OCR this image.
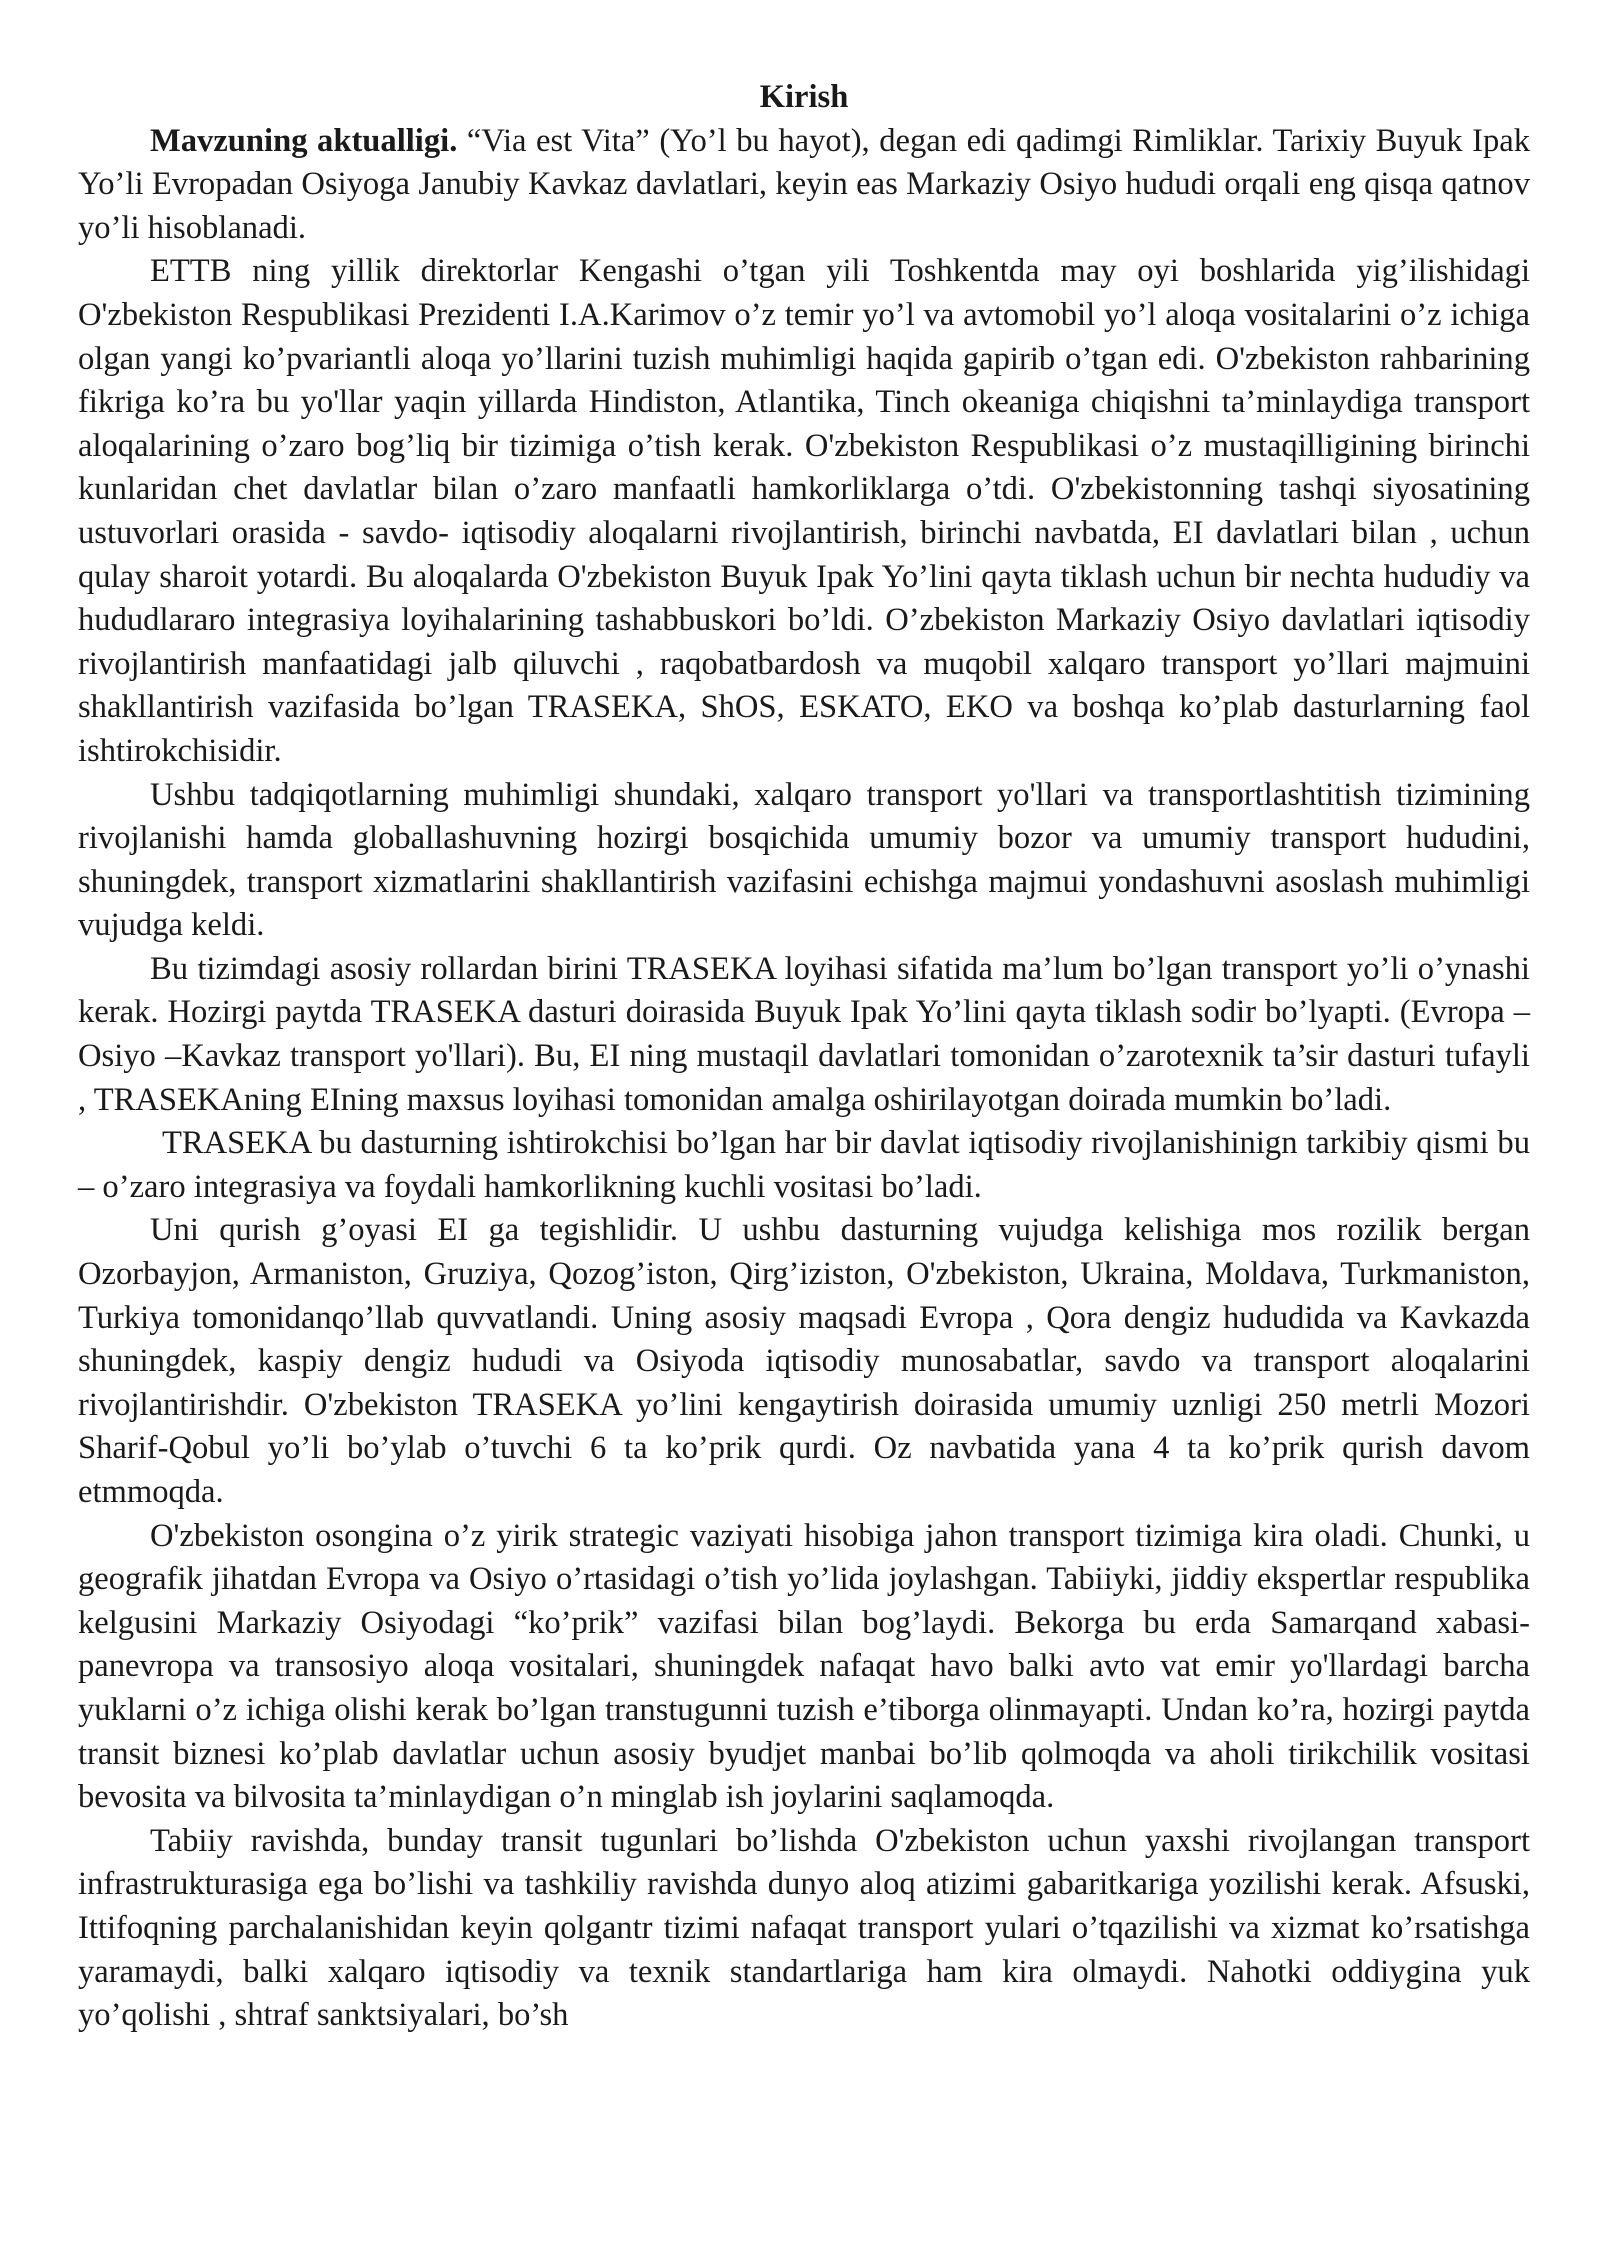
Kirish

Mavzuning aktualligi. “Via est Vita” (Yo’l bu hayot), degan edi qadimgi Rimliklar. Tarixiy Buyuk Ipak Yo’li Evropadan Osiyoga Janubiy Kavkaz davlatlari, keyin eas Markaziy Osiyo hududi orqali eng qisqa qatnov yo’li hisoblanadi.

ETTB ning yillik direktorlar Kengashi o’tgan yili Toshkentda may oyi boshlarida yig’ilishidagi O'zbekiston Respublikasi Prezidenti I.A.Karimov o’z temir yo’l va avtomobil yo’l aloqa vositalarini o’z ichiga olgan yangi ko’pvariantli aloqa yo’llarini tuzish muhimligi haqida gapirib o’tgan edi. O'zbekiston rahbarining fikriga ko’ra bu yo'llar yaqin yillarda Hindiston, Atlantika, Tinch okeaniga chiqishni ta’minlaydiga transport aloqalarining o’zaro bog’liq bir tizimiga o’tish kerak. O'zbekiston Respublikasi o’z mustaqilligining birinchi kunlaridan chet davlatlar bilan o’zaro manfaatli hamkorliklarga o’tdi. O'zbekistonning tashqi siyosatining ustuvorlari orasida - savdo- iqtisodiy aloqalarni rivojlantirish, birinchi navbatda, EI davlatlari bilan , uchun qulay sharoit yotardi. Bu aloqalarda O'zbekiston Buyuk Ipak Yo’lini qayta tiklash uchun bir nechta hududiy va hududlararo integrasiya loyihalarining tashabbuskori bo’ldi. O’zbekiston Markaziy Osiyo davlatlari iqtisodiy rivojlantirish manfaatidagi jalb qiluvchi , raqobatbardosh va muqobil xalqaro transport yo’llari majmuini shakllantirish vazifasida bo’lgan TRASEKA, ShOS, ESKATO, EKO va boshqa ko’plab dasturlarning faol ishtirokchisidir.

Ushbu tadqiqotlarning muhimligi shundaki, xalqaro transport yo'llari va transportlashtitish tizimining rivojlanishi hamda globallashuvning hozirgi bosqichida umumiy bozor va umumiy transport hududini, shuningdek, transport xizmatlarini shakllantirish vazifasini echishga majmui yondashuvni asoslash muhimligi vujudga keldi.

Bu tizimdagi asosiy rollardan birini TRASEKA loyihasi sifatida ma’lum bo’lgan transport yo’li o’ynashi kerak. Hozirgi paytda TRASEKA dasturi doirasida Buyuk Ipak Yo’lini qayta tiklash sodir bo’lyapti. (Evropa –Osiyo –Kavkaz transport yo'llari). Bu, EI ning mustaqil davlatlari tomonidan o’zarotexnik ta’sir dasturi tufayli , TRASEKAning EIning maxsus loyihasi tomonidan amalga oshirilayotgan doirada mumkin bo’ladi.

TRASEKA bu dasturning ishtirokchisi bo’lgan har bir davlat iqtisodiy rivojlanishinign tarkibiy qismi bu – o’zaro integrasiya va foydali hamkorlikning kuchli vositasi bo’ladi.

Uni qurish g’oyasi EI ga tegishlidir. U ushbu dasturning vujudga kelishiga mos rozilik bergan Ozorbayjon, Armaniston, Gruziya, Qozog’iston, Qirg’iziston, O'zbekiston, Ukraina, Moldava, Turkmaniston, Turkiya tomonidanqo’llab quvvatlandi. Uning asosiy maqsadi Evropa , Qora dengiz hududida va Kavkazda shuningdek, kaspiy dengiz hududi va Osiyoda iqtisodiy munosabatlar, savdo va transport aloqalarini rivojlantirishdir. O'zbekiston TRASEKA yo’lini kengaytirish doirasida umumiy uznligi 250 metrli Mozori Sharif-Qobul yo’li bo’ylab o’tuvchi 6 ta ko’prik qurdi. Oz navbatida yana 4 ta ko’prik qurish davom etmmoqda.

O'zbekiston osongina o’z yirik strategic vaziyati hisobiga jahon transport tizimiga kira oladi. Chunki, u geografik jihatdan Evropa va Osiyo o’rtasidagi o’tish yo’lida joylashgan. Tabiiyki, jiddiy ekspertlar respublika kelgusini Markaziy Osiyodagi “ko’prik” vazifasi bilan bog’laydi. Bekorga bu erda Samarqand xabasi- panevropa va transosiyo aloqa vositalari, shuningdek nafaqat havo balki avto vat emir yo'llardagi barcha yuklarni o’z ichiga olishi kerak bo’lgan transtugunni tuzish e’tiborga olinmayapti. Undan ko’ra, hozirgi paytda transit biznesi ko’plab davlatlar uchun asosiy byudjet manbai bo’lib qolmoqda va aholi tirikchilik vositasi bevosita va bilvosita ta’minlaydigan o’n minglab ish joylarini saqlamoqda.

Tabiiy ravishda, bunday transit tugunlari bo’lishda O'zbekiston uchun yaxshi rivojlangan transport infrastrukturasiga ega bo’lishi va tashkiliy ravishda dunyo aloq atizimi gabaritkariga yozilishi kerak. Afsuski, Ittifoqning parchalanishidan keyin qolgantr tizimi nafaqat transport yulari o’tqazilishi va xizmat ko’rsatishga yaramaydi, balki xalqaro iqtisodiy va texnik standartlariga ham kira olmaydi. Nahotki oddiygina yuk yo’qolishi , shtraf sanktsiyalari, bo’sh
